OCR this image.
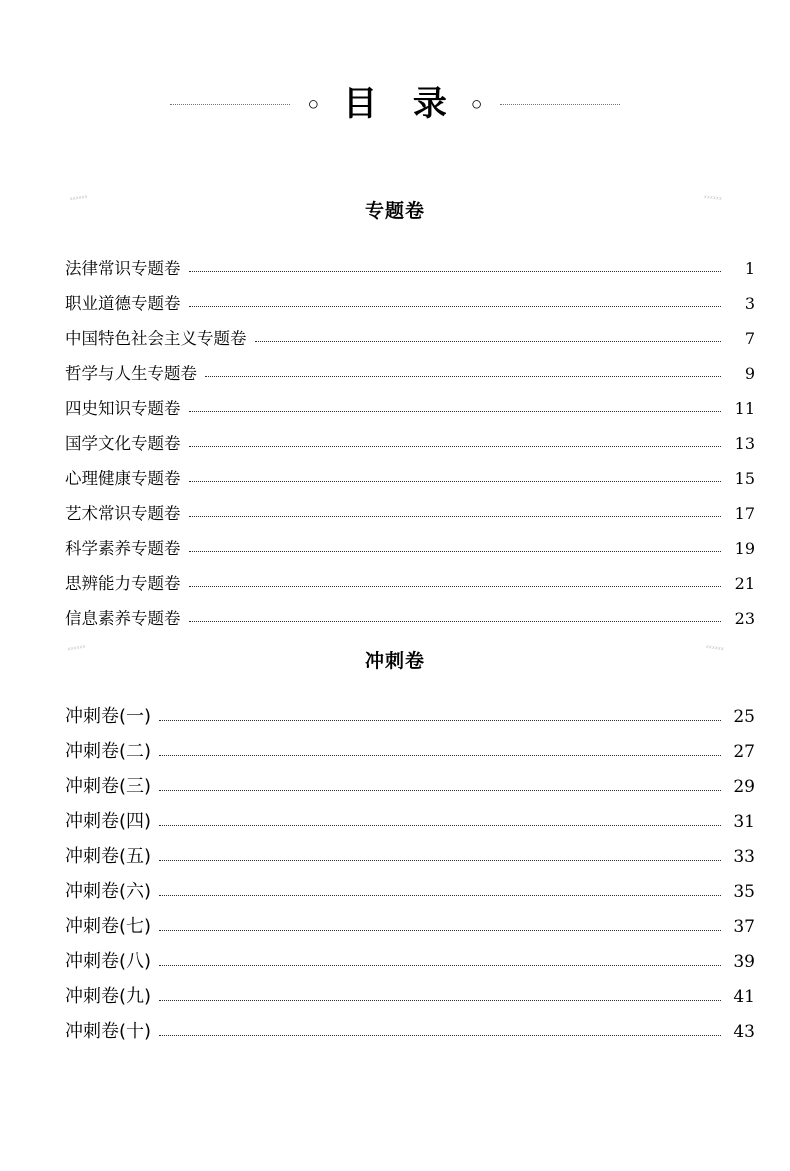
○ 目 录 ○
xxxxxx	xxxxxx
xxxxxx	xxxxxx
专题卷
法律常识专题卷	1
职业道德专题卷	3
中国特色社会主义专题卷	7
哲学与人生专题卷	9
四史知识专题卷	11
国学文化专题卷	13
心理健康专题卷	15
艺术常识专题卷	17
科学素养专题卷	19
思辨能力专题卷	21
信息素养专题卷	23
冲刺卷
冲刺卷(一)	25
冲刺卷(二)	27
冲刺卷(三)	29
冲刺卷(四)	31
冲刺卷(五)	33
冲刺卷(六)	35
冲刺卷(七)	37
冲刺卷(八)	39
冲刺卷(九)	41
冲刺卷(十)	43
